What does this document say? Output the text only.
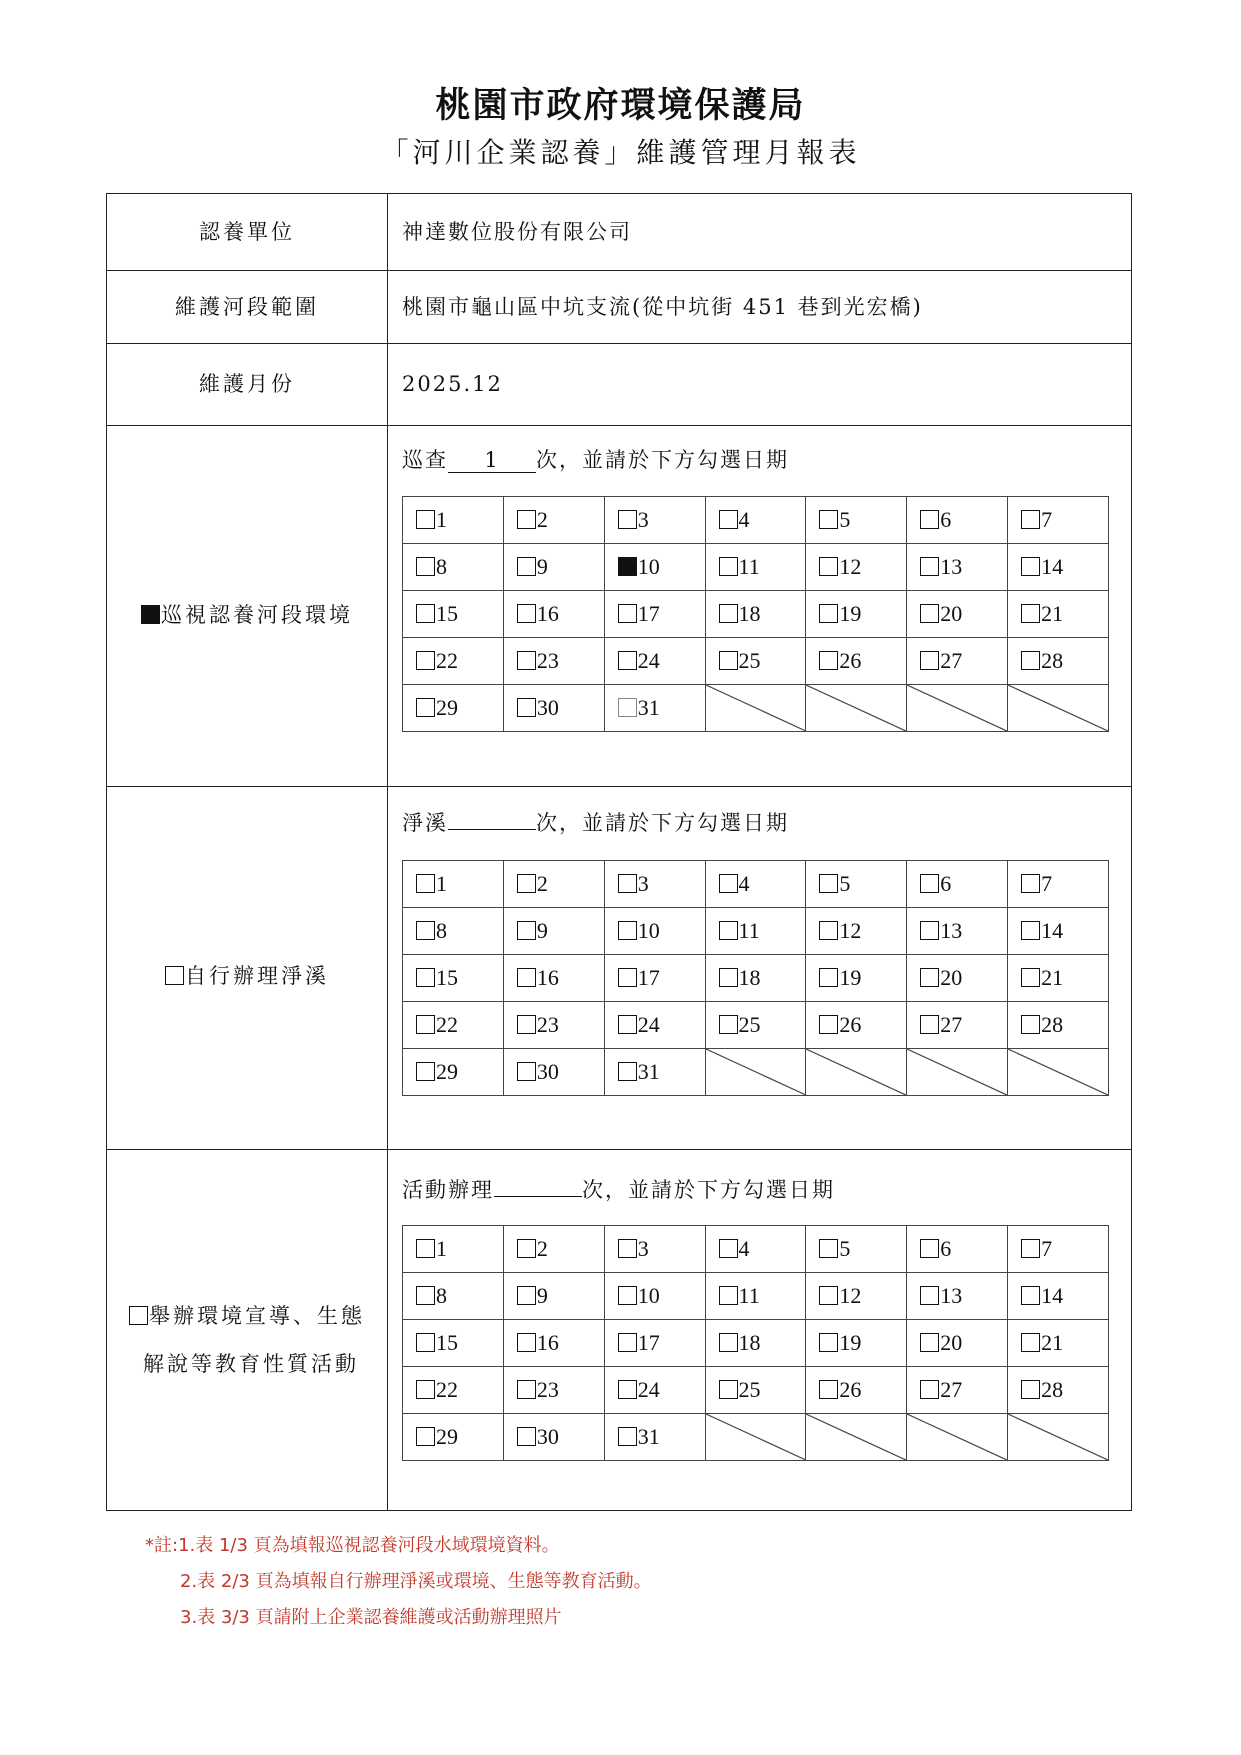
桃園市政府環境保護局
「河川企業認養」維護管理月報表
認養單位	神達數位股份有限公司
維護河段範圍	桃園市龜山區中坑支流(從中坑街 451 巷到光宏橋)
維護月份	2025.12
巡視認養河段環境
巡查 1 次，並請於下方勾選日期
1	2	3	4	5	6	7
8	9	10	11	12	13	14
15	16	17	18	19	20	21
22	23	24	25	26	27	28
29	30	31	

自行辦理淨溪
淨溪	次，並請於下方勾選日期
1	2	3	4	5	6	7
8	9	10	11	12	13	14
15	16	17	18	19	20	21
22	23	24	25	26	27	28
29	30	31	

舉辦環境宣導、生態
解說等教育性質活動
活動辦理	次，並請於下方勾選日期
1	2	3	4	5	6	7
8	9	10	11	12	13	14
15	16	17	18	19	20	21
22	23	24	25	26	27	28
29	30	31	

*註:1.表 1/3 頁為填報巡視認養河段水域環境資料。
2.表 2/3 頁為填報自行辦理淨溪或環境、生態等教育活動。
3.表 3/3 頁請附上企業認養維護或活動辦理照片
